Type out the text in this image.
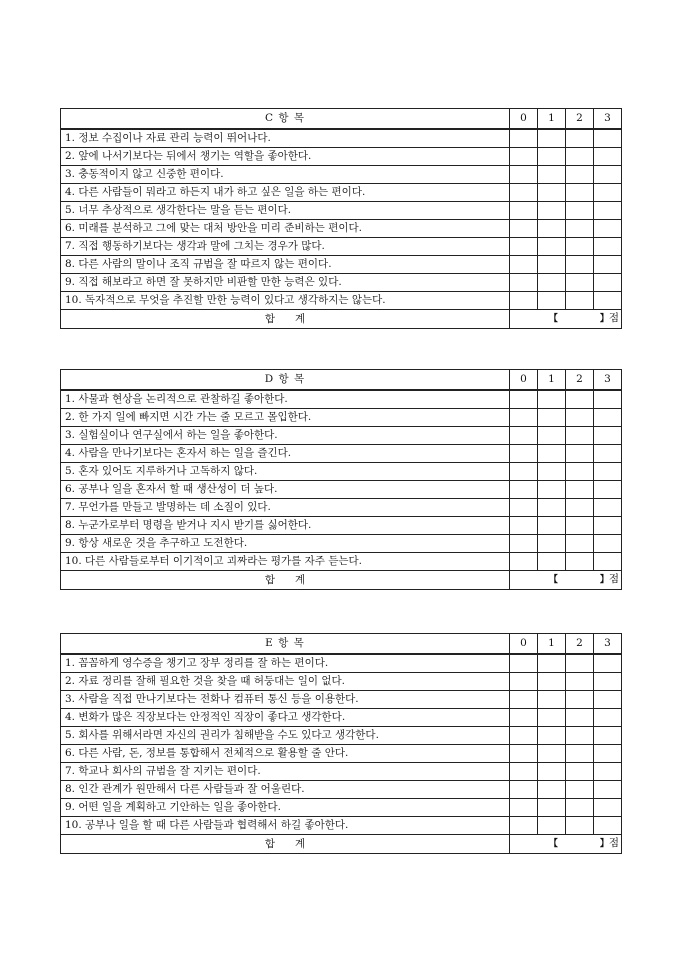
C 항 목	0	1	2	3
1. 정보 수집이나 자료 관리 능력이 뛰어나다.				
2. 앞에 나서기보다는 뒤에서 챙기는 역할을 좋아한다.				
3. 충동적이지 않고 신중한 편이다.				
4. 다른 사람들이 뭐라고 하든지 내가 하고 싶은 일을 하는 편이다.				
5. 너무 추상적으로 생각한다는 말을 듣는 편이다.				
6. 미래를 분석하고 그에 맞는 대처 방안을 미리 준비하는 편이다.				
7. 직접 행동하기보다는 생각과 말에 그치는 경우가 많다.				
8. 다른 사람의 말이나 조직 규범을 잘 따르지 않는 편이다.				
9. 직접 해보라고 하면 잘 못하지만 비판할 만한 능력은 있다.				
10. 독자적으로 무엇을 추진할 만한 능력이 있다고 생각하지는 않는다.				
합      계	【 】점			
D 항 목	0	1	2	3
1. 사물과 현상을 논리적으로 관찰하길 좋아한다.				
2. 한 가지 일에 빠지면 시간 가는 줄 모르고 몰입한다.				
3. 실험실이나 연구실에서 하는 일을 좋아한다.				
4. 사람을 만나기보다는 혼자서 하는 일을 즐긴다.				
5. 혼자 있어도 지루하거나 고독하지 않다.				
6. 공부나 일을 혼자서 할 때 생산성이 더 높다.				
7. 무언가를 만들고 발명하는 데 소질이 있다.				
8. 누군가로부터 명령을 받거나 지시 받기를 싫어한다.				
9. 항상 새로운 것을 추구하고 도전한다.				
10. 다른 사람들로부터 이기적이고 괴짜라는 평가를 자주 듣는다.				
합      계	【 】점			
E 항 목	0	1	2	3
1. 꼼꼼하게 영수증을 챙기고 장부 정리를 잘 하는 편이다.				
2. 자료 정리를 잘해 필요한 것을 찾을 때 허둥대는 일이 없다.				
3. 사람을 직접 만나기보다는 전화나 컴퓨터 통신 등을 이용한다.				
4. 변화가 많은 직장보다는 안정적인 직장이 좋다고 생각한다.				
5. 회사를 위해서라면 자신의 권리가 침해받을 수도 있다고 생각한다.				
6. 다른 사람, 돈, 정보를 통합해서 전체적으로 활용할 줄 안다.				
7. 학교나 회사의 규범을 잘 지키는 편이다.				
8. 인간 관계가 원만해서 다른 사람들과 잘 어울린다.				
9. 어떤 일을 계획하고 기안하는 일을 좋아한다.				
10. 공부나 일을 할 때 다른 사람들과 협력해서 하길 좋아한다.				
합      계	【 】점			
